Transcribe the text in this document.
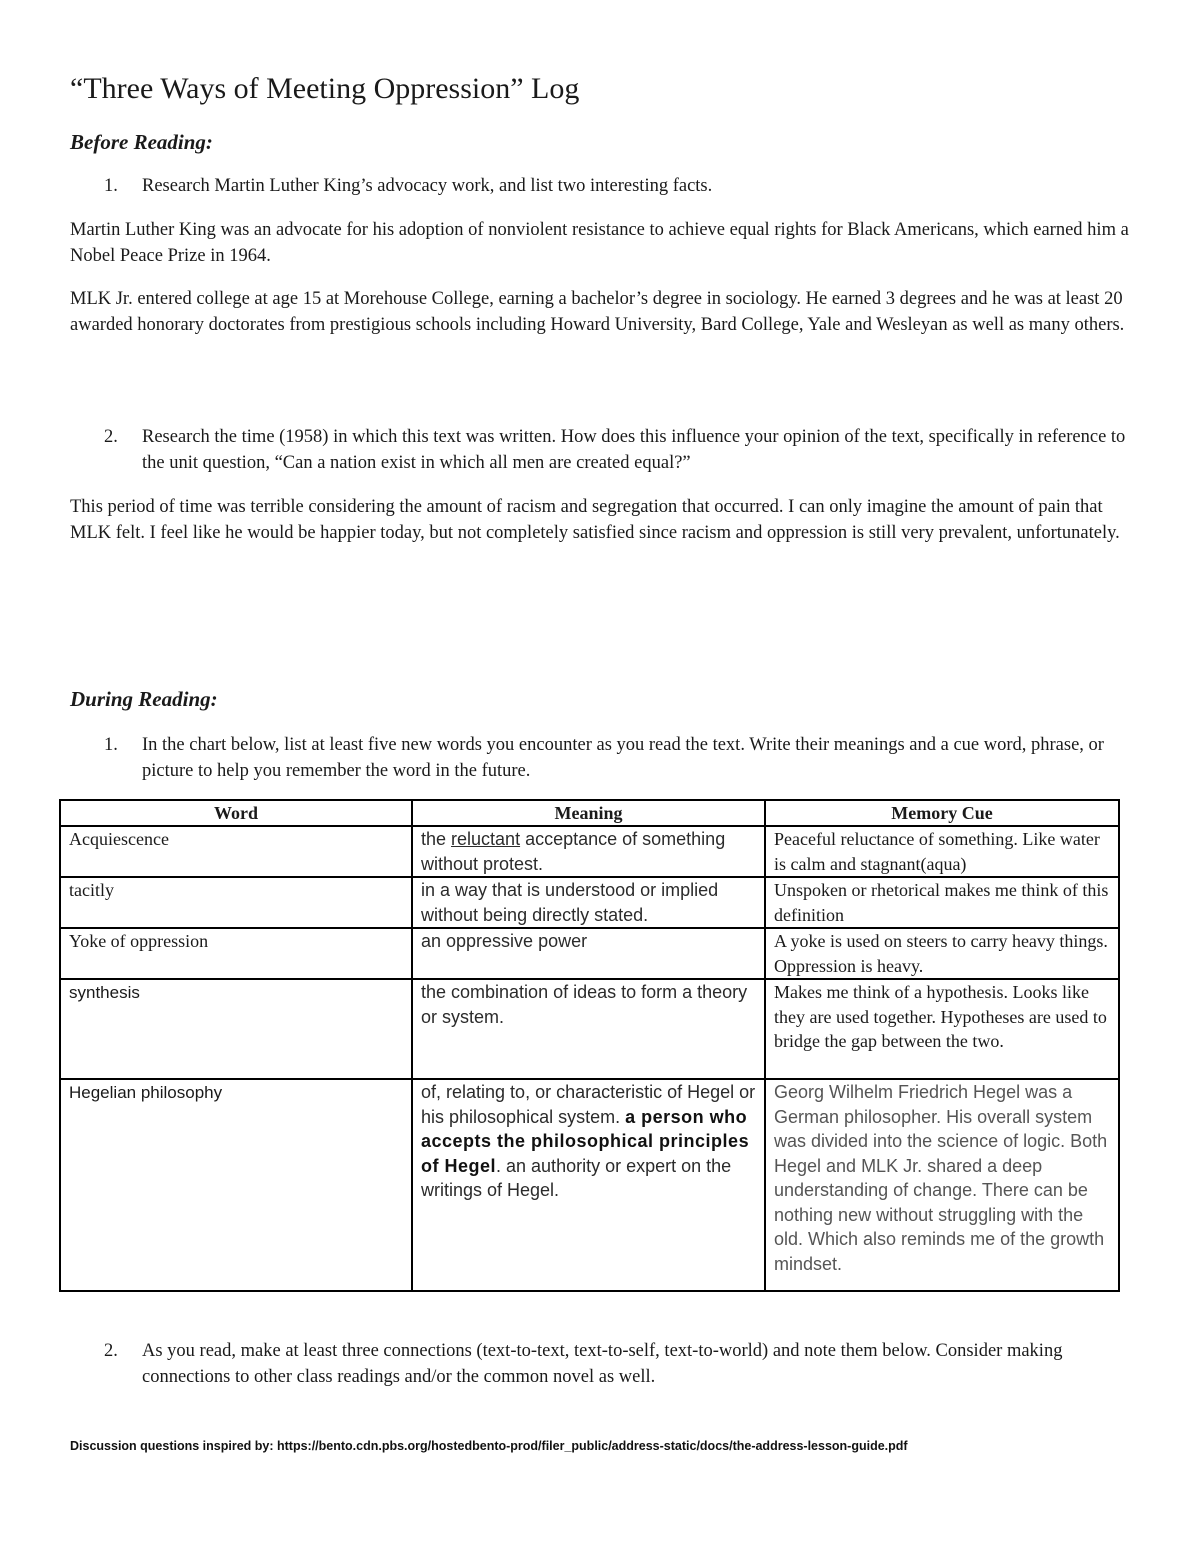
“Three Ways of Meeting Oppression” Log
Before Reading:
1. Research Martin Luther King’s advocacy work, and list two interesting facts.
Martin Luther King was an advocate for his adoption of nonviolent resistance to achieve equal rights for Black Americans, which earned him a Nobel Peace Prize in 1964.
MLK Jr. entered college at age 15 at Morehouse College, earning a bachelor’s degree in sociology. He earned 3 degrees and he was at least 20 awarded honorary doctorates from prestigious schools including Howard University, Bard College, Yale and Wesleyan as well as many others.
2. Research the time (1958) in which this text was written. How does this influence your opinion of the text, specifically in reference to the unit question, “Can a nation exist in which all men are created equal?”
This period of time was terrible considering the amount of racism and segregation that occurred. I can only imagine the amount of pain that MLK felt. I feel like he would be happier today, but not completely satisfied since racism and oppression is still very prevalent, unfortunately.
During Reading:
1. In the chart below, list at least five new words you encounter as you read the text. Write their meanings and a cue word, phrase, or picture to help you remember the word in the future.
Word	Meaning	Memory Cue
Acquiescence	the reluctant acceptance of something without protest.	Peaceful reluctance of something. Like water is calm and stagnant(aqua)
tacitly	in a way that is understood or implied without being directly stated.	Unspoken or rhetorical makes me think of this definition
Yoke of oppression	an oppressive power	A yoke is used on steers to carry heavy things. Oppression is heavy.
synthesis	the combination of ideas to form a theory or system.	Makes me think of a hypothesis. Looks like they are used together. Hypotheses are used to bridge the gap between the two.
Hegelian philosophy	of, relating to, or characteristic of Hegel or his philosophical system. a person who accepts the philosophical principles of Hegel. an authority or expert on the writings of Hegel.	Georg Wilhelm Friedrich Hegel was a German philosopher. His overall system was divided into the science of logic. Both Hegel and MLK Jr. shared a deep understanding of change. There can be nothing new without struggling with the old. Which also reminds me of the growth mindset.
2. As you read, make at least three connections (text-to-text, text-to-self, text-to-world) and note them below. Consider making connections to other class readings and/or the common novel as well.
Discussion questions inspired by: https://bento.cdn.pbs.org/hostedbento-prod/filer_public/address-static/docs/the-address-lesson-guide.pdf
